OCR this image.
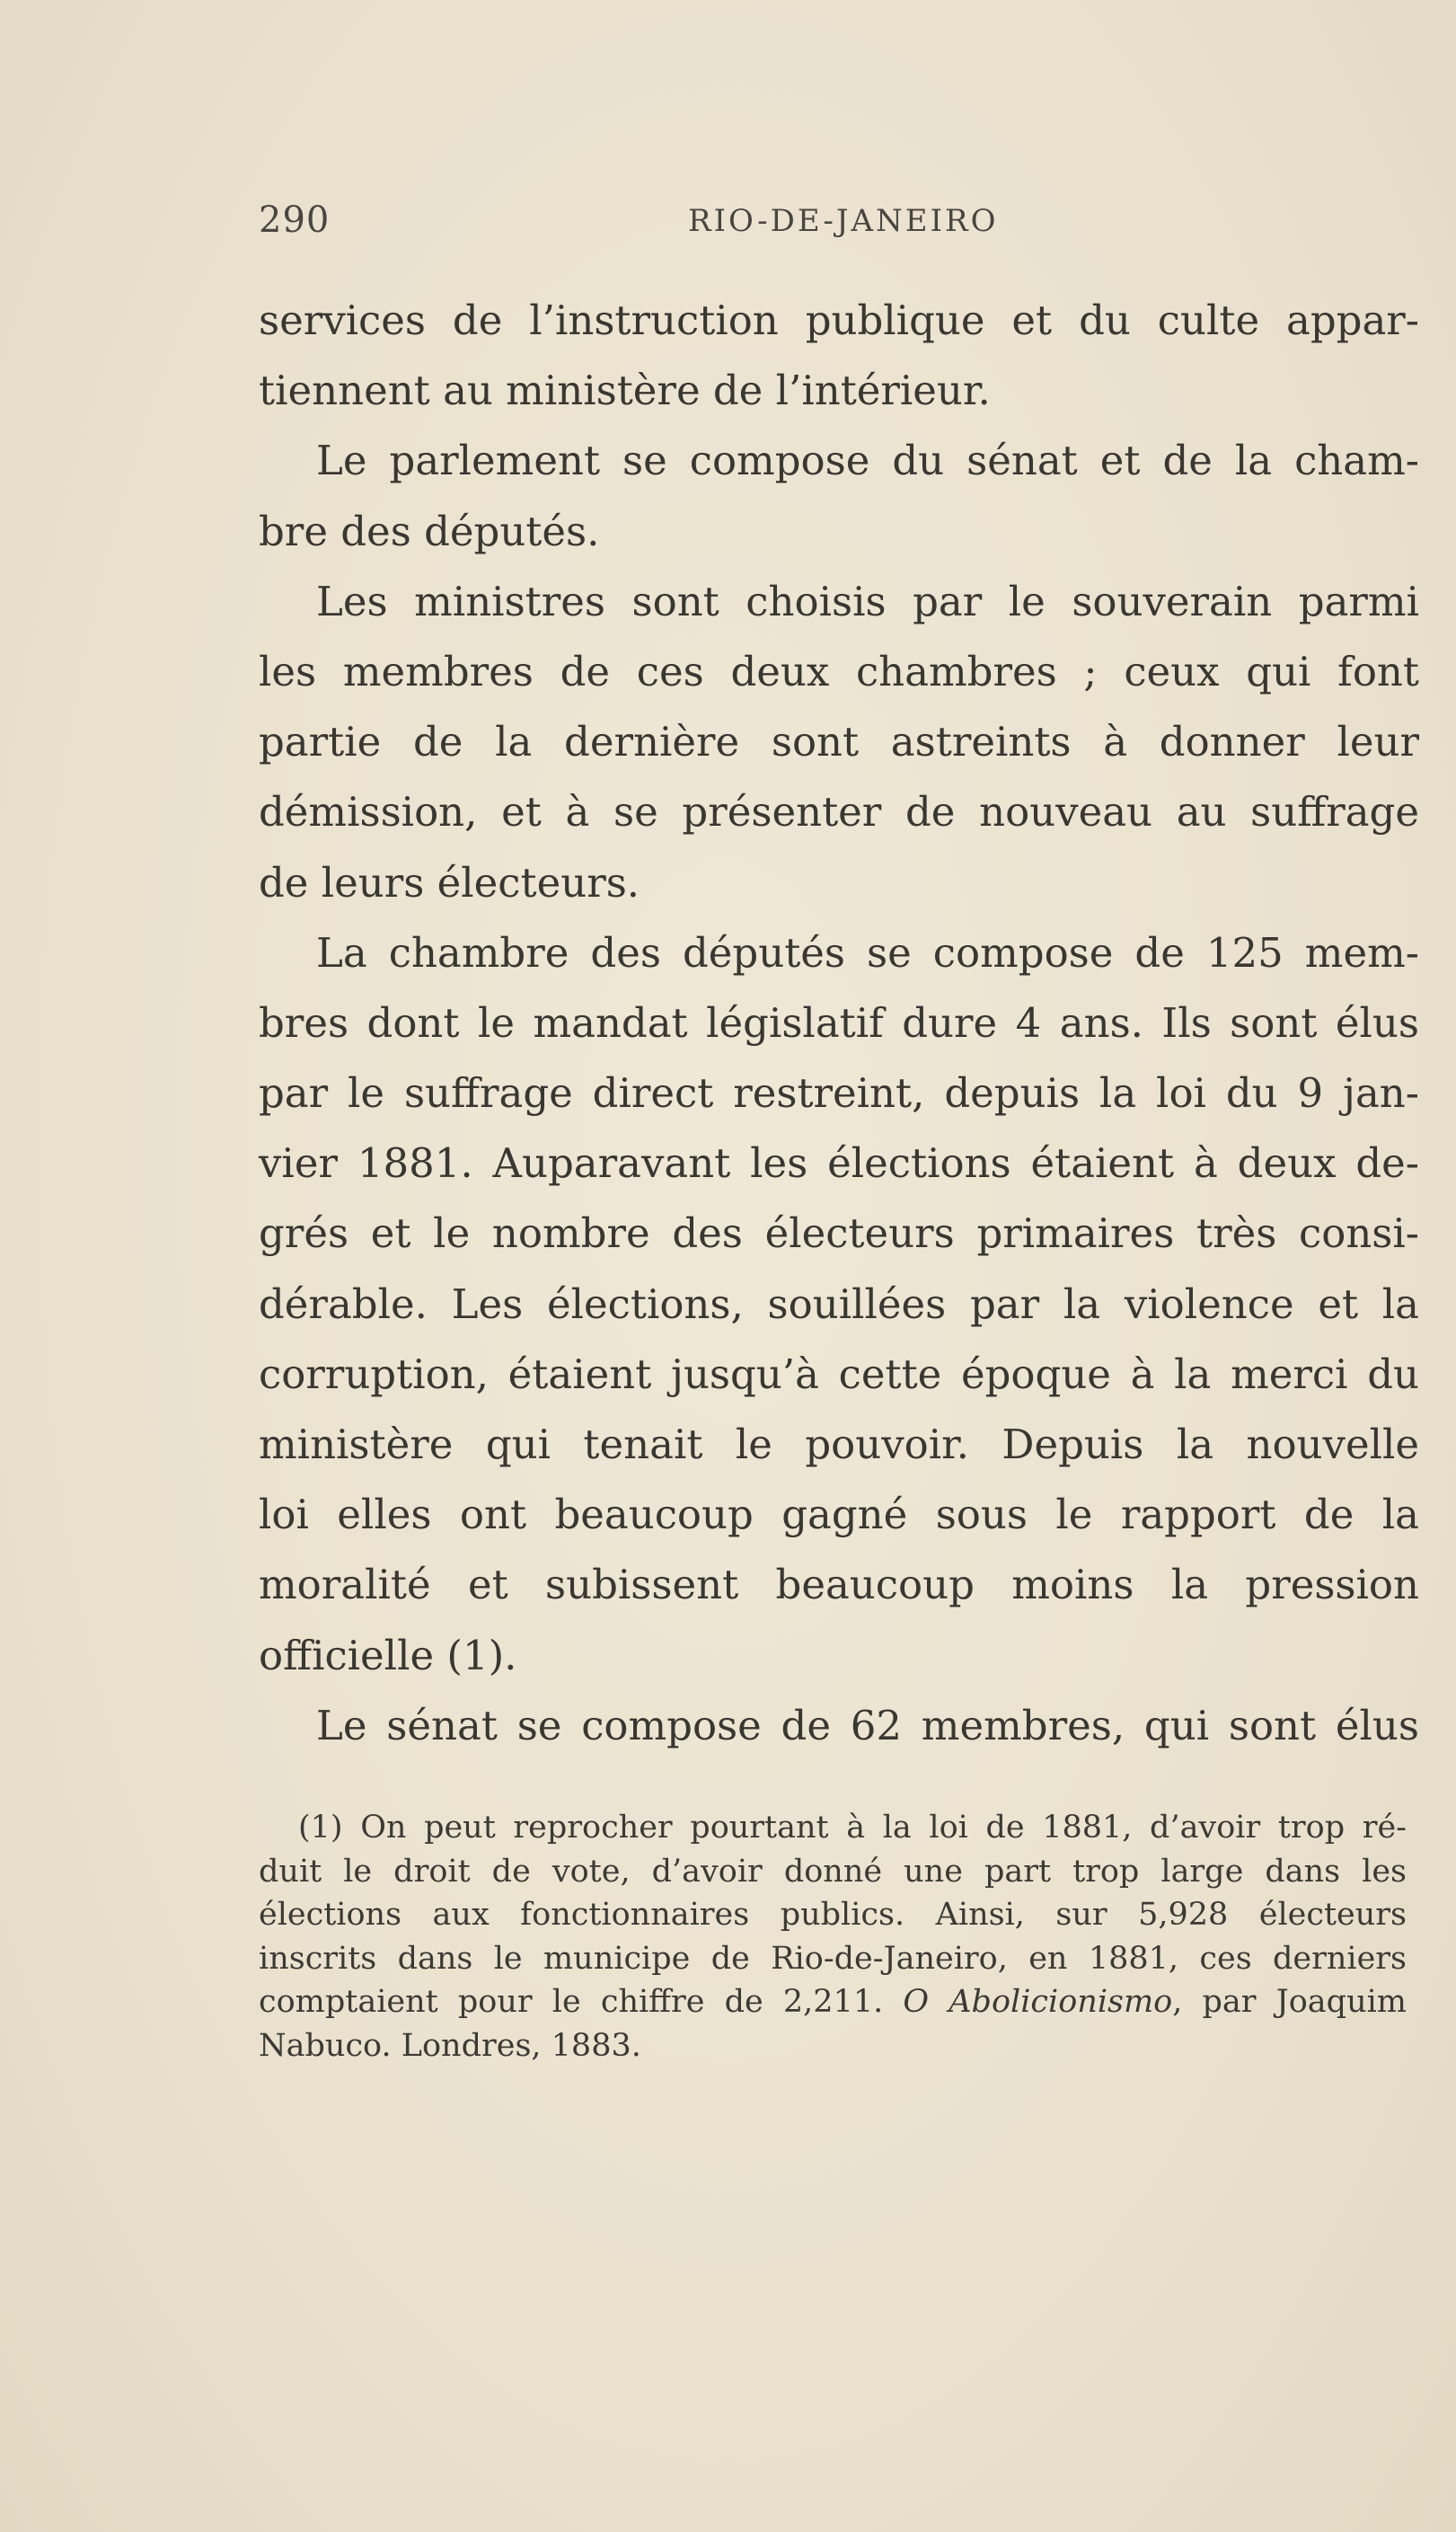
290	RIO-DE-JANEIRO
services de l’instruction publique et du culte appar-
tiennent au ministère de l’intérieur.
Le parlement se compose du sénat et de la cham-
bre des députés.
Les ministres sont choisis par le souverain parmi
les membres de ces deux chambres ; ceux qui font
partie de la dernière sont astreints à donner leur
démission, et à se présenter de nouveau au suffrage
de leurs électeurs.
La chambre des députés se compose de 125 mem-
bres dont le mandat législatif dure 4 ans. Ils sont élus
par le suffrage direct restreint, depuis la loi du 9 jan-
vier 1881. Auparavant les élections étaient à deux de-
grés et le nombre des électeurs primaires très consi-
dérable. Les élections, souillées par la violence et la
corruption, étaient jusqu’à cette époque à la merci du
ministère qui tenait le pouvoir. Depuis la nouvelle
loi elles ont beaucoup gagné sous le rapport de la
moralité et subissent beaucoup moins la pression
officielle (1).
Le sénat se compose de 62 membres, qui sont élus
(1) On peut reprocher pourtant à la loi de 1881, d’avoir trop ré-
duit le droit de vote, d’avoir donné une part trop large dans les
élections aux fonctionnaires publics. Ainsi, sur 5,928 électeurs
inscrits dans le municipe de Rio-de-Janeiro, en 1881, ces derniers
comptaient pour le chiffre de 2,211. O Abolicionismo, par Joaquim
Nabuco. Londres, 1883.
